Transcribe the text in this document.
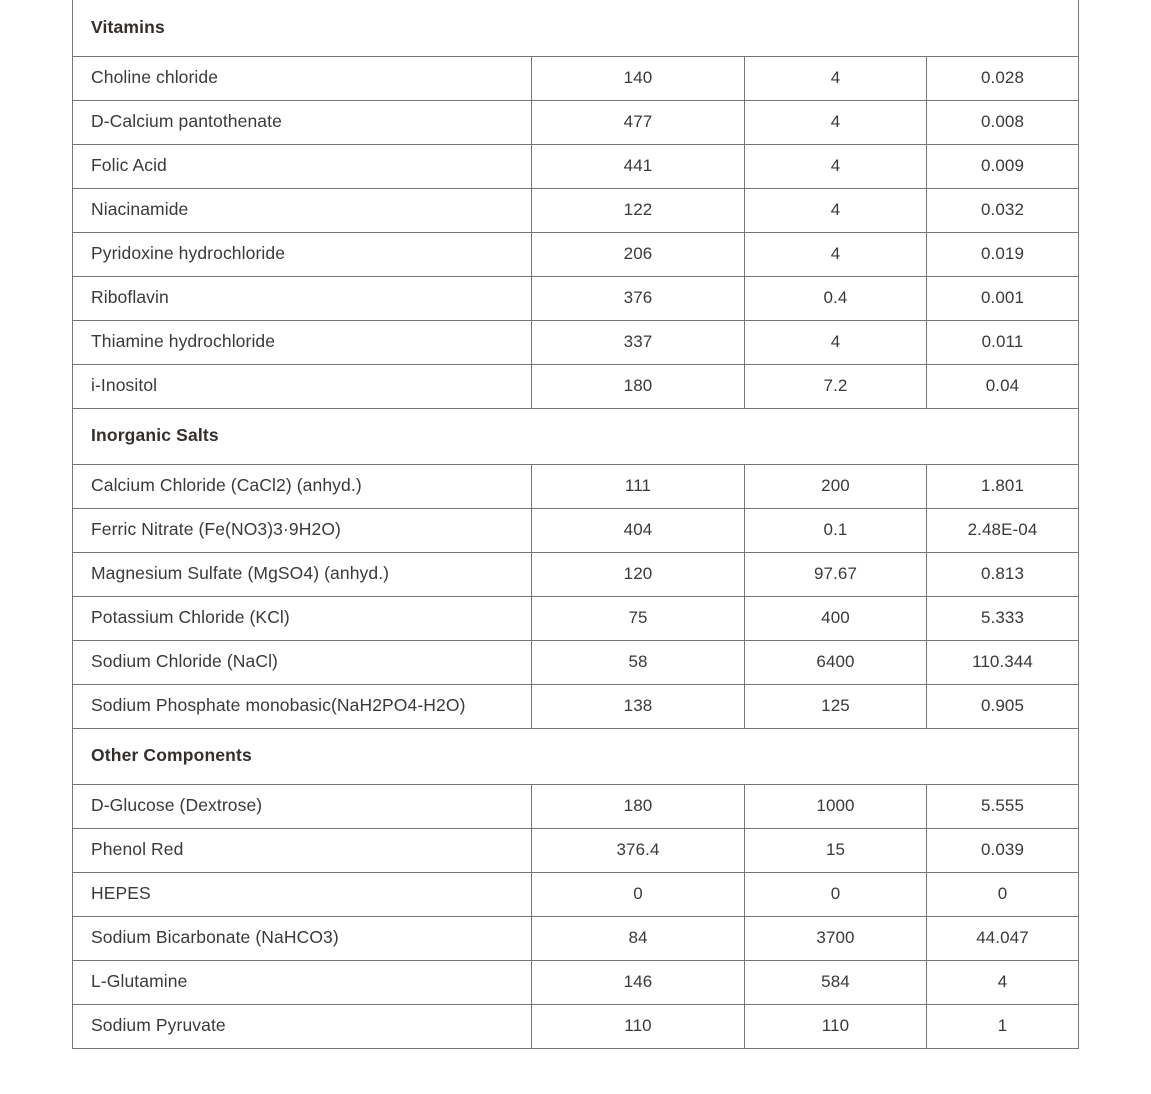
Vitamins			
Choline chloride	140	4	0.028
D-Calcium pantothenate	477	4	0.008
Folic Acid	441	4	0.009
Niacinamide	122	4	0.032
Pyridoxine hydrochloride	206	4	0.019
Riboflavin	376	0.4	0.001
Thiamine hydrochloride	337	4	0.011
i-Inositol	180	7.2	0.04
Inorganic Salts			
Calcium Chloride (CaCl2) (anhyd.)	111	200	1.801
Ferric Nitrate (Fe(NO3)3·9H2O)	404	0.1	2.48E-04
Magnesium Sulfate (MgSO4) (anhyd.)	120	97.67	0.813
Potassium Chloride (KCl)	75	400	5.333
Sodium Chloride (NaCl)	58	6400	110.344
Sodium Phosphate monobasic(NaH2PO4-H2O)	138	125	0.905
Other Components			
D-Glucose (Dextrose)	180	1000	5.555
Phenol Red	376.4	15	0.039
HEPES	0	0	0
Sodium Bicarbonate (NaHCO3)	84	3700	44.047
L-Glutamine	146	584	4
Sodium Pyruvate	110	110	1
